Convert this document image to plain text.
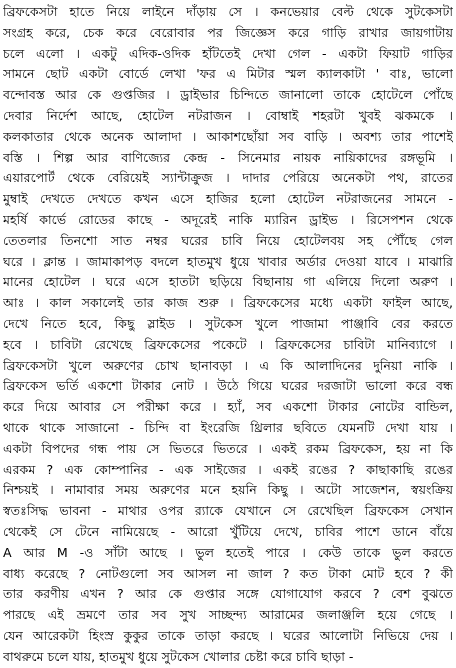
ব্রিফকেসটা হাতে নিয়ে লাইনে দাঁড়ায় সে । কনভেয়ার বেল্ট থেকে সুটকেসটা
সংগ্রহ করে, চেক করে বেরোবার পর জিজ্ঞেস করে গাড়ি রাখার জায়গাটায়
চলে এলো । একটু এদিক-ওদিক হাঁটতেই দেখা গেল - একটা ফিয়াট গাড়ির
সামনে ছোট একটা বোর্ডে লেখা 'ফর এ মিটার স্মল ক্যালকাটা ' বাঃ, ভালো
বন্দোবস্ত আর কে গুপ্তজির । ড্রাইভার চিন্দিতে জানালো তাকে হোটেলে পোঁছে
দেবার নির্দেশ আছে, হোটেল নটরাজন । বোম্বাই শহরটা খুবই ঝকমকে ।
কলকাতার থেকে অনেক আলাদা । আকাশছোঁয়া সব বাড়ি । অবশ্য তার পাশেই
বস্তি । শিল্প আর বাণিজ্যের কেন্দ্র - সিনেমার নায়ক নায়িকাদের রঙ্গভূমি ।
এয়ারপোর্ট থেকে বেরিয়েই স্যান্টাক্রুজ । দাদার পেরিয়ে অনেকটা পথ, রাতের
মুম্বাই দেখতে দেখতে কখন এসে হাজির হলো হোটেল নটরাজনের সামনে -
মহর্ষি কার্ভে রোডের কাছে - অদূরেই নাকি ম্যারিন ড্রাইভ । রিসেপশন থেকে
তেতলার তিনশো সাত নম্বর ঘরের চাবি নিয়ে হোটেলবয় সহ পৌঁছে গেল
ঘরে । ক্লান্ত । জামাকাপড় বদলে হাতমুখ ধুয়ে খাবার অর্ডার দেওয়া যাবে । মাঝারি
মানের হোটেল । ঘরে এসে হাতটা ছড়িয়ে বিছানায় গা এলিয়ে দিলো অরুণ ।
আঃ । কাল সকালেই তার কাজ শুরু । ব্রিফকেসের মধ্যে একটা ফাইল আছে,
দেখে নিতে হবে, কিছু স্লাইড । সুটকেস খুলে পাজামা পাঞ্জাবি বের করতে
হবে । চাবিটা রেখেছে ব্রিফকেসের পকেটে । ব্রিফকেসের চাবিটা মানিব্যাগে ।
ব্রিফকেসটা খুলে অরুণের চোখ ছানাবড়া । এ কি আলাদিনের দুনিয়া নাকি ।
ব্রিফকেস ভর্তি একশো টাকার নোট । উঠে গিয়ে ঘরের দরজাটা ভালো করে বন্ধ
করে দিয়ে আবার সে পরীক্ষা করে । হ্যাঁ, সব একশো টাকার নোটের বান্ডিল,
থাকে থাকে সাজানো - চিন্দি বা ইংরেজি থ্রিলার ছবিতে যেমনটি দেখা যায় ।
একটা বিপদের গন্ধ পায় সে ভিতরে ভিতরে । একই রকম ব্রিফকেস, হয় না কি
এরকম ? এক কোম্পানির - এক সাইজের । একই রঙের ? কাছাকাছি রঙের
নিশ্চয়ই । নামাবার সময় অরুণের মনে হয়নি কিছু । অটো সাজেশন, স্বয়ংক্রিয়
স্বতঃসিদ্ধ ভাবনা - মাথার ওপর র‍্যাকে যেখানে সে রেখেছিল ব্রিফকেস সেখান
থেকেই সে টেনে নামিয়েছে - আরো খুঁটিয়ে দেখে, চাবির পাশে ডানে বাঁয়ে
A আর M -ও সাঁটা আছে । ভুল হতেই পারে । কেউ তাকে ভুল করতে
বাধ্য করেছে ? নোটগুলো সব আসল না জাল ? কত টাকা মোট হবে ? কী
তার করণীয় এখন ? আর কে গুপ্তার সঙ্গে যোগাযোগ করবে ? বেশ বুঝতে
পারছে এই ভ্রমণে তার সব সুখ সাচ্ছন্দ্য আরামের জলাঞ্জলি হয়ে গেছে ।
যেন আরেকটা হিংস্র কুকুর তাকে তাড়া করছে । ঘরের আলোটা নিভিয়ে দেয় ।
বাথরুমে চলে যায়, হাতমুখ ধুয়ে সুটকেস খোলার চেষ্টা করে চাবি ছাড়া -
